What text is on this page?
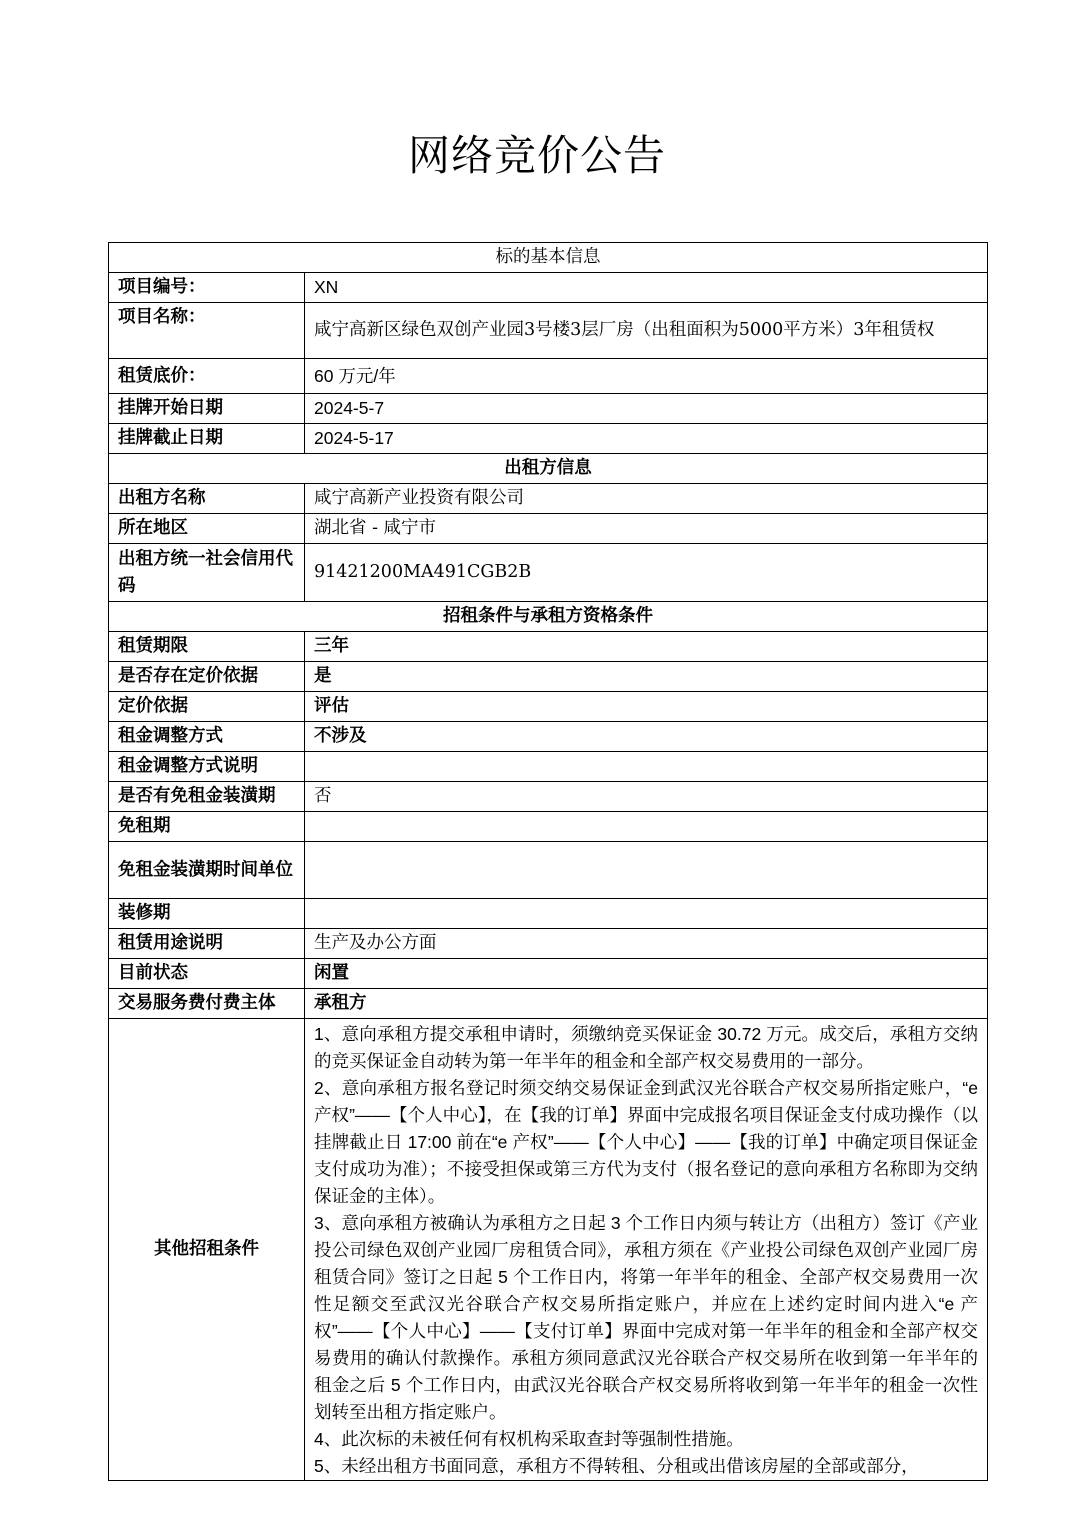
网络竞价公告
标的基本信息	
项目编号：	XN
项目名称：	咸宁高新区绿色双创产业园3号楼3层厂房（出租面积为5000平方米）3年租赁权
租赁底价：	60 万元/年
挂牌开始日期	2024-5-7
挂牌截止日期	2024-5-17
出租方信息	
出租方名称	咸宁高新产业投资有限公司
所在地区	湖北省 - 咸宁市
出租方统一社会信用代码	91421200MA491CGB2B
招租条件与承租方资格条件	
租赁期限	三年
是否存在定价依据	是
定价依据	评估
租金调整方式	不涉及
租金调整方式说明	
是否有免租金装潢期	否
免租期	
免租金装潢期时间单位	
装修期	
租赁用途说明	生产及办公方面
目前状态	闲置
交易服务费付费主体	承租方
其他招租条件	1、意向承租方提交承租申请时，须缴纳竞买保证金 30.72 万元。成交后，承租方交纳的竞买保证金自动转为第一年半年的租金和全部产权交易费用的一部分。
2、意向承租方报名登记时须交纳交易保证金到武汉光谷联合产权交易所指定账户，“e 产权”——【个人中心】，在【我的订单】界面中完成报名项目保证金支付成功操作（以挂牌截止日 17:00 前在“e 产权”——【个人中心】——【我的订单】中确定项目保证金支付成功为准）；不接受担保或第三方代为支付（报名登记的意向承租方名称即为交纳保证金的主体）。
3、意向承租方被确认为承租方之日起 3 个工作日内须与转让方（出租方）签订《产业投公司绿色双创产业园厂房租赁合同》，承租方须在《产业投公司绿色双创产业园厂房租赁合同》签订之日起 5 个工作日内，将第一年半年的租金、全部产权交易费用一次性足额交至武汉光谷联合产权交易所指定账户，并应在上述约定时间内进入“e 产权”——【个人中心】——【支付订单】界面中完成对第一年半年的租金和全部产权交易费用的确认付款操作。承租方须同意武汉光谷联合产权交易所在收到第一年半年的租金之后 5 个工作日内，由武汉光谷联合产权交易所将收到第一年半年的租金一次性划转至出租方指定账户。
4、此次标的未被任何有权机构采取查封等强制性措施。
5、未经出租方书面同意，承租方不得转租、分租或出借该房屋的全部或部分，
